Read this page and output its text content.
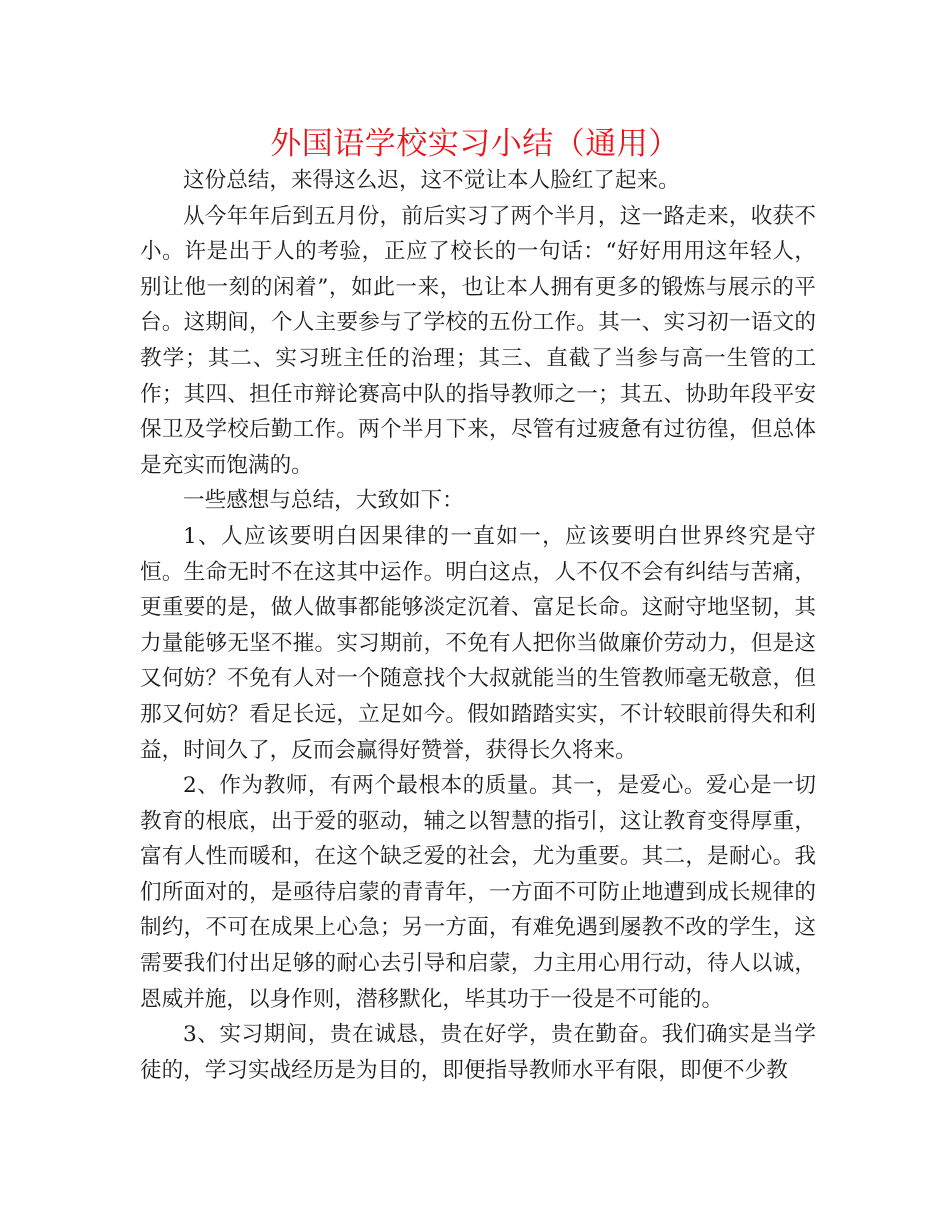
外国语学校实习小结（通用）

这份总结，来得这么迟，这不觉让本人脸红了起来。

从今年年后到五月份，前后实习了两个半月，这一路走来，收获不小。许是出于人的考验，正应了校长的一句话：“好好用用这年轻人，别让他一刻的闲着”，如此一来，也让本人拥有更多的锻炼与展示的平台。这期间，个人主要参与了学校的五份工作。其一、实习初一语文的教学；其二、实习班主任的治理；其三、直截了当参与高一生管的工作；其四、担任市辩论赛高中队的指导教师之一；其五、协助年段平安保卫及学校后勤工作。两个半月下来，尽管有过疲惫有过彷徨，但总体是充实而饱满的。

一些感想与总结，大致如下：

1、人应该要明白因果律的一直如一，应该要明白世界终究是守恒。生命无时不在这其中运作。明白这点，人不仅不会有纠结与苦痛，更重要的是，做人做事都能够淡定沉着、富足长命。这耐守地坚韧，其力量能够无坚不摧。实习期前，不免有人把你当做廉价劳动力，但是这又何妨？不免有人对一个随意找个大叔就能当的生管教师毫无敬意，但那又何妨？看足长远，立足如今。假如踏踏实实，不计较眼前得失和利益，时间久了，反而会赢得好赞誉，获得长久将来。

2、作为教师，有两个最根本的质量。其一，是爱心。爱心是一切教育的根底，出于爱的驱动，辅之以智慧的指引，这让教育变得厚重，富有人性而暖和，在这个缺乏爱的社会，尤为重要。其二，是耐心。我们所面对的，是亟待启蒙的青青年，一方面不可防止地遭到成长规律的制约，不可在成果上心急；另一方面，有难免遇到屡教不改的学生，这需要我们付出足够的耐心去引导和启蒙，力主用心用行动，待人以诚，恩威并施，以身作则，潜移默化，毕其功于一役是不可能的。

3、实习期间，贵在诚恳，贵在好学，贵在勤奋。我们确实是当学徒的，学习实战经历是为目的，即便指导教师水平有限，即便不少教
